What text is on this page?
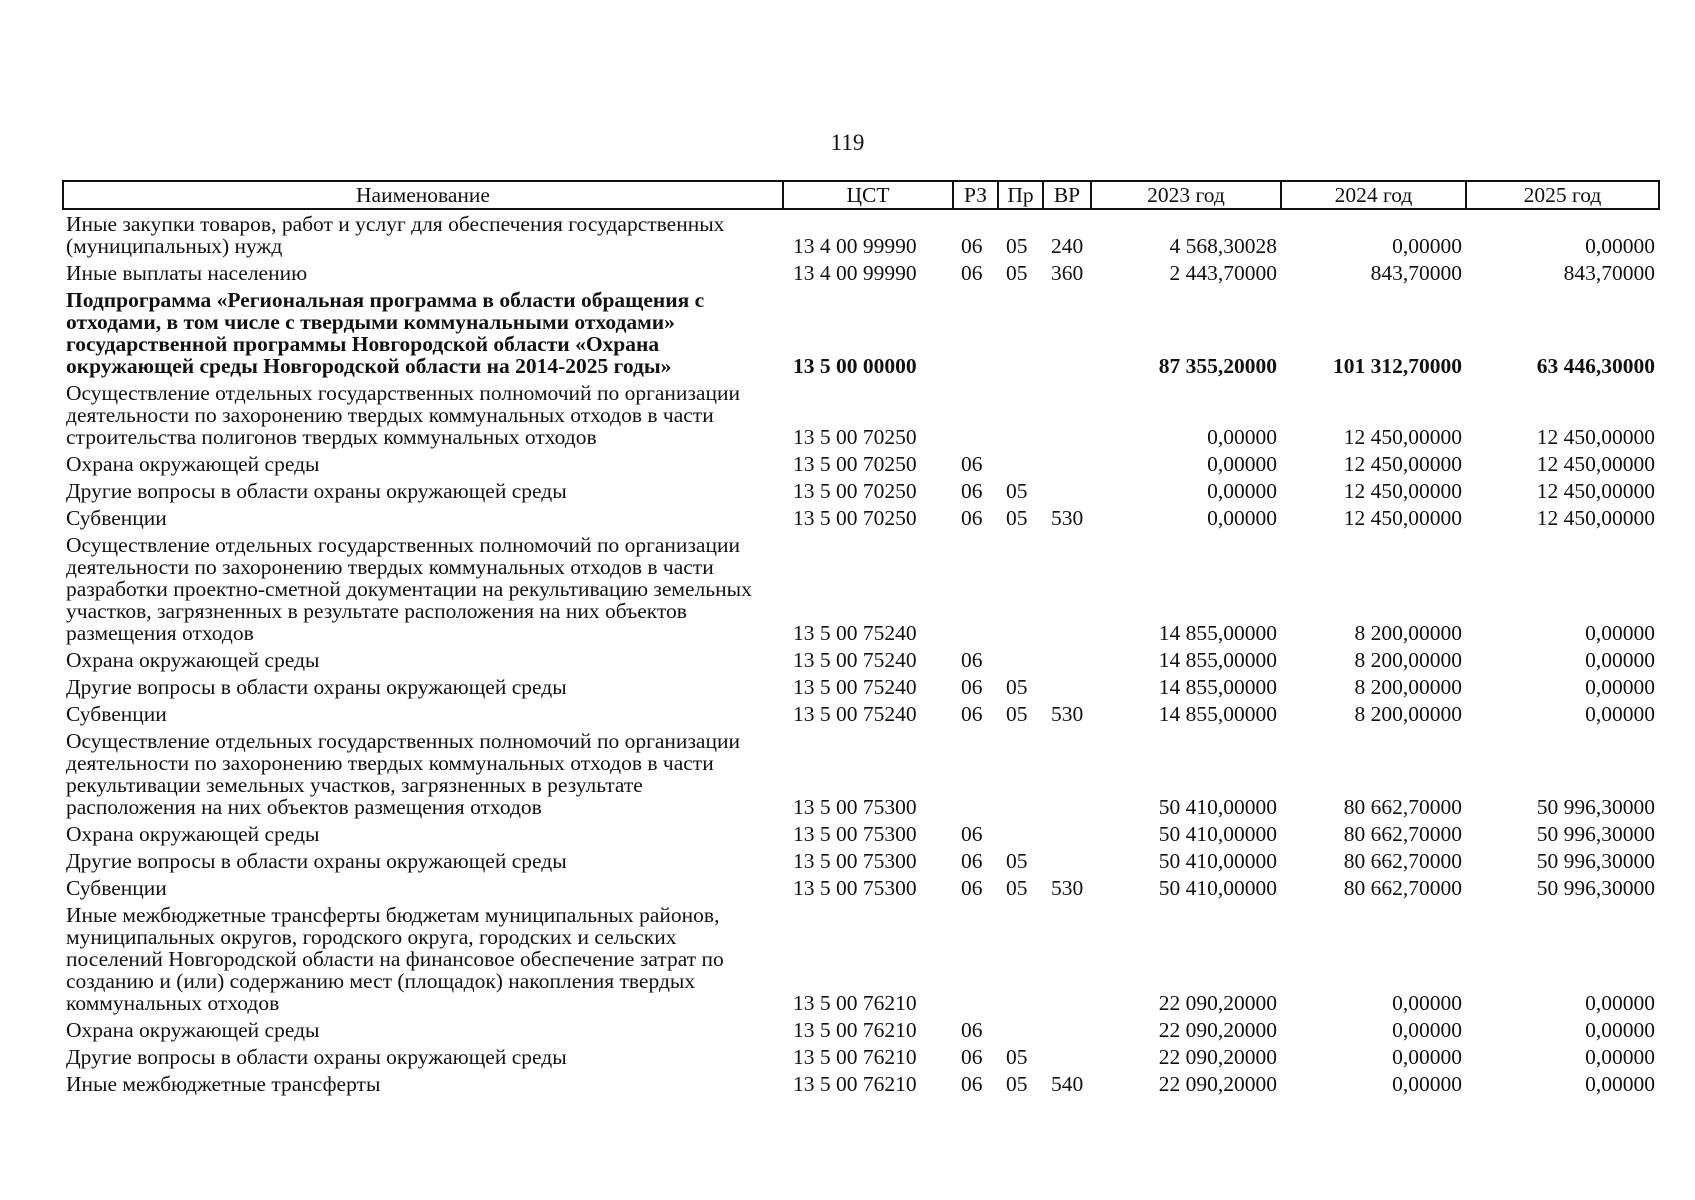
119
Наименование	ЦСТ	РЗ	Пр	ВР	2023 год	2024 год	2025 год
Иные закупки товаров, работ и услуг для обеспечения государственных (муниципальных) нужд	13 4 00 99990	06	05	240	4 568,30028	0,00000	0,00000
Иные выплаты населению	13 4 00 99990	06	05	360	2 443,70000	843,70000	843,70000
Подпрограмма «Региональная программа в области обращения с отходами, в том числе с твердыми коммунальными отходами» государственной программы Новгородской области «Охрана окружающей среды Новгородской области на 2014-2025 годы»	13 5 00 00000				87 355,20000	101 312,70000	63 446,30000
Осуществление отдельных государственных полномочий по организации деятельности по захоронению твердых коммунальных отходов в части строительства полигонов твердых коммунальных отходов	13 5 00 70250				0,00000	12 450,00000	12 450,00000
Охрана окружающей среды	13 5 00 70250	06			0,00000	12 450,00000	12 450,00000
Другие вопросы в области охраны окружающей среды	13 5 00 70250	06	05		0,00000	12 450,00000	12 450,00000
Субвенции	13 5 00 70250	06	05	530	0,00000	12 450,00000	12 450,00000
Осуществление отдельных государственных полномочий по организации деятельности по захоронению твердых коммунальных отходов в части разработки проектно-сметной документации на рекультивацию земельных участков, загрязненных в результате расположения на них объектов размещения отходов	13 5 00 75240				14 855,00000	8 200,00000	0,00000
Охрана окружающей среды	13 5 00 75240	06			14 855,00000	8 200,00000	0,00000
Другие вопросы в области охраны окружающей среды	13 5 00 75240	06	05		14 855,00000	8 200,00000	0,00000
Субвенции	13 5 00 75240	06	05	530	14 855,00000	8 200,00000	0,00000
Осуществление отдельных государственных полномочий по организации деятельности по захоронению твердых коммунальных отходов в части рекультивации земельных участков, загрязненных в результате расположения на них объектов размещения отходов	13 5 00 75300				50 410,00000	80 662,70000	50 996,30000
Охрана окружающей среды	13 5 00 75300	06			50 410,00000	80 662,70000	50 996,30000
Другие вопросы в области охраны окружающей среды	13 5 00 75300	06	05		50 410,00000	80 662,70000	50 996,30000
Субвенции	13 5 00 75300	06	05	530	50 410,00000	80 662,70000	50 996,30000
Иные межбюджетные трансферты бюджетам муниципальных районов, муниципальных округов, городского округа, городских и сельских поселений Новгородской области на финансовое обеспечение затрат по созданию и (или) содержанию мест (площадок) накопления твердых коммунальных отходов	13 5 00 76210				22 090,20000	0,00000	0,00000
Охрана окружающей среды	13 5 00 76210	06			22 090,20000	0,00000	0,00000
Другие вопросы в области охраны окружающей среды	13 5 00 76210	06	05		22 090,20000	0,00000	0,00000
Иные межбюджетные трансферты	13 5 00 76210	06	05	540	22 090,20000	0,00000	0,00000
